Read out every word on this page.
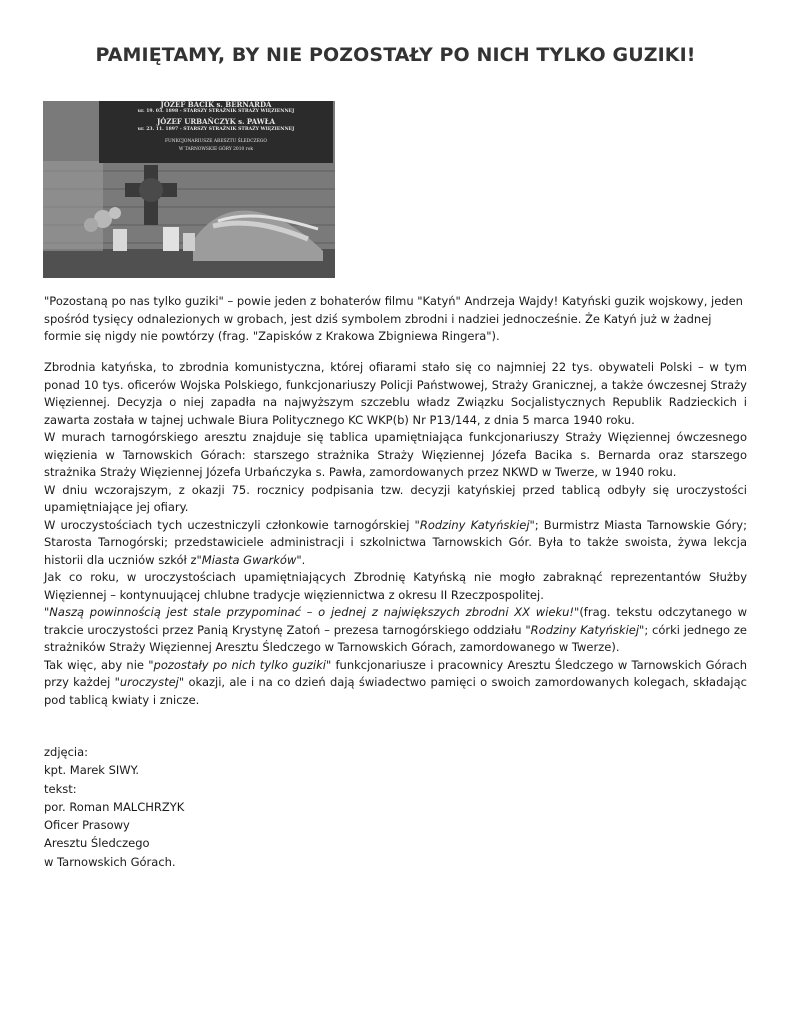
PAMIĘTAMY, BY NIE POZOSTAŁY PO NICH TYLKO GUZIKI!
JÓZEF BACIK s. BERNARDA
ur. 19. 03. 1898 - STARSZY STRAŻNIK STRAŻY WIĘZIENNEJ
JÓZEF URBAŃCZYK s. PAWŁA
ur. 23. 11. 1897 - STARSZY STRAŻNIK STRAŻY WIĘZIENNEJ
FUNKCJONARIUSZE ARESZTU ŚLEDCZEGO
W TARNOWSKIE GÓRY 2010 rok

"Pozostaną po nas tylko guziki" – powie jeden z bohaterów filmu "Katyń" Andrzeja Wajdy! Katyński guzik wojskowy, jeden spośród tysięcy odnalezionych w grobach, jest dziś symbolem zbrodni i nadziei jednocześnie. Że Katyń już w żadnej formie się nigdy nie powtórzy (frag. "Zapisków z Krakowa Zbigniewa Ringera").

Zbrodnia katyńska, to zbrodnia komunistyczna, której ofiarami stało się co najmniej 22 tys. obywateli Polski – w tym ponad 10 tys. oficerów Wojska Polskiego, funkcjonariuszy Policji Państwowej, Straży Granicznej, a także ówczesnej Straży Więziennej. Decyzja o niej zapadła na najwyższym szczeblu władz Związku Socjalistycznych Republik Radzieckich i zawarta została w tajnej uchwale Biura Politycznego KC WKP(b) Nr P13/144, z dnia 5 marca 1940 roku.

W murach tarnogórskiego aresztu znajduje się tablica upamiętniająca funkcjonariuszy Straży Więziennej ówczesnego więzienia w Tarnowskich Górach: starszego strażnika Straży Więziennej Józefa Bacika s. Bernarda oraz starszego strażnika Straży Więziennej Józefa Urbańczyka s. Pawła, zamordowanych przez NKWD w Twerze, w 1940 roku.

W dniu wczorajszym, z okazji 75. rocznicy podpisania tzw. decyzji katyńskiej przed tablicą odbyły się uroczystości upamiętniające jej ofiary.

W uroczystościach tych uczestniczyli członkowie tarnogórskiej "Rodziny Katyńskiej"; Burmistrz Miasta Tarnowskie Góry; Starosta Tarnogórski; przedstawiciele administracji i szkolnictwa Tarnowskich Gór. Była to także swoista, żywa lekcja historii dla uczniów szkół z"Miasta Gwarków".

Jak co roku, w uroczystościach upamiętniających Zbrodnię Katyńską nie mogło zabraknąć reprezentantów Służby Więziennej – kontynuującej chlubne tradycje więziennictwa z okresu II Rzeczpospolitej.

"Naszą powinnością jest stale przypominać – o jednej z największych zbrodni XX wieku!"(frag. tekstu odczytanego w trakcie uroczystości przez Panią Krystynę Zatoń – prezesa tarnogórskiego oddziału "Rodziny Katyńskiej"; córki jednego ze strażników Straży Więziennej Aresztu Śledczego w Tarnowskich Górach, zamordowanego w Twerze).

Tak więc, aby nie "pozostały po nich tylko guziki" funkcjonariusze i pracownicy Aresztu Śledczego w Tarnowskich Górach przy każdej "uroczystej" okazji, ale i na co dzień dają świadectwo pamięci o swoich zamordowanych kolegach, składając pod tablicą kwiaty i znicze.

zdjęcia:
kpt. Marek SIWY.
tekst:
por. Roman MALCHRZYK
Oficer Prasowy
Aresztu Śledczego
w Tarnowskich Górach.
